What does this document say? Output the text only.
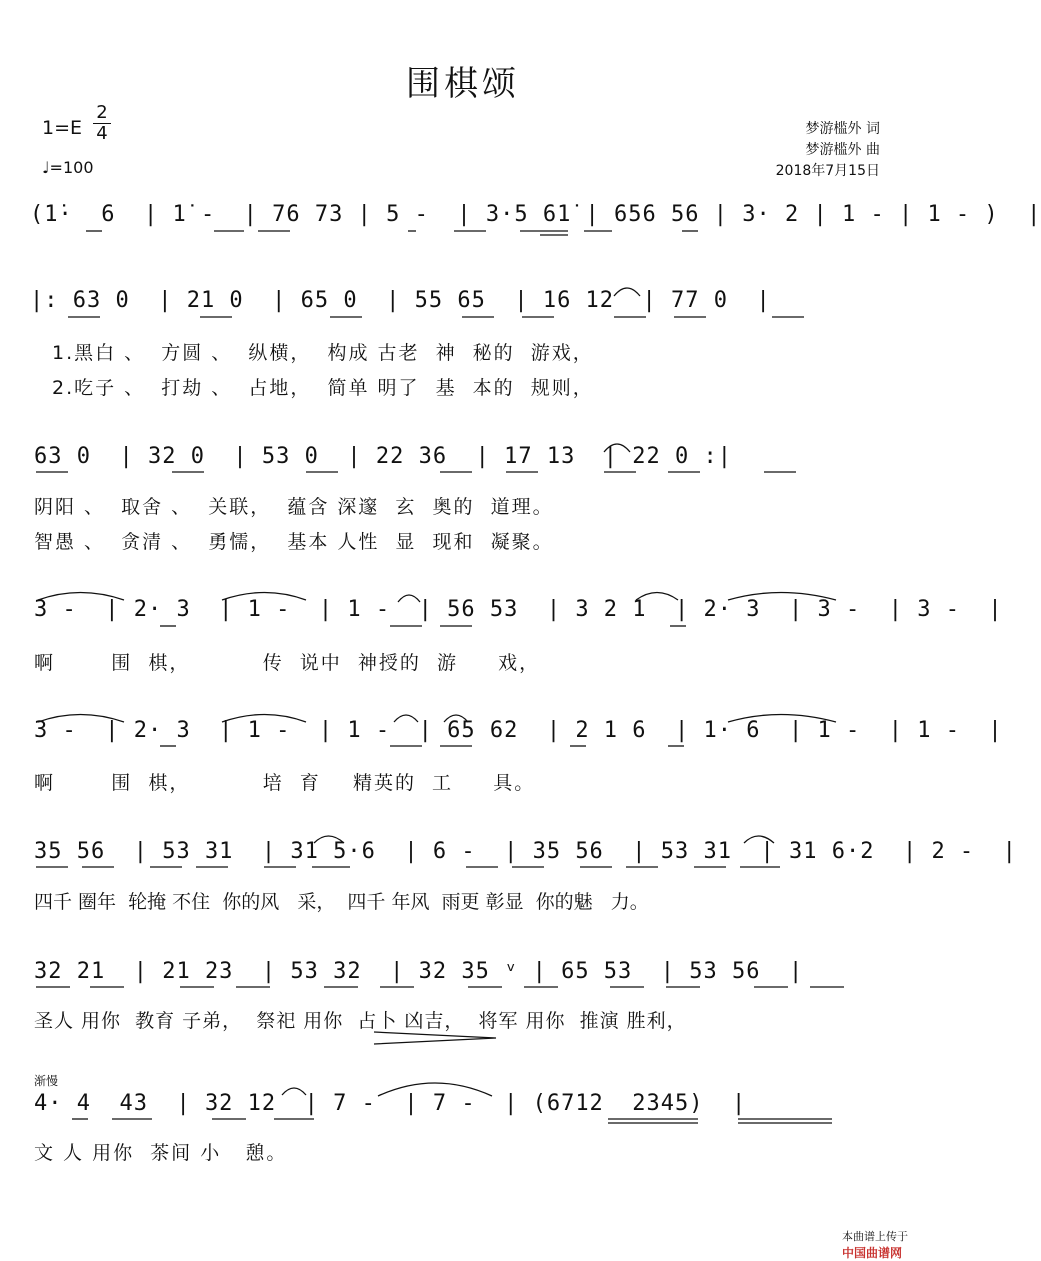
围棋颂
$1=E \frac{2}{4}$
♩=100
梦游槛外 词
梦游槛外 曲
2018年7月15日
(1̇·  6  | 1̇ -  | 76 73 | 5 -  | 3·5 61̇ | 656 56 | 3· 2 | 1 - | 1 - )  |
|: 63 0  | 21 0  | 65 0  | 55 65  | 16 12  | 77 0  |
1.黑白 、  方圆 、  纵横，  构成 古老  神  秘的  游戏，
2.吃子 、  打劫 、  占地，  简单 明了  基  本的  规则，
63 0  | 32 0  | 53 0  | 22 36  | 17 13  | 22 0 :|
阴阳 、  取舍 、  关联，  蕴含 深邃  玄  奥的  道理。
智愚 、  贪清 、  勇懦，  基本 人性  显  现和  凝聚。
3 -  | 2· 3  | 1 -  | 1 -  | 56 53  | 3 2 1  | 2· 3  | 3 -  | 3 -  |
啊       围  棋，         传  说中  神授的  游     戏，
3 -  | 2· 3  | 1 -  | 1 -  | 65 62  | 2 1 6  | 1· 6  | 1 -  | 1 -  |
啊       围  棋，         培  育    精英的  工     具。
35 56  | 53 31  | 31 5·6  | 6 -  | 35 56  | 53 31  | 31 6·2  | 2 -  |
四千 圈年  轮掩 不住  你的风   采，  四千 年风  雨更 彰显  你的魅   力。
32 21  | 21 23  | 53 32  | 32 35 ᵛ | 65 53  | 53 56  |
圣人 用你  教育 子弟，  祭祀 用你  占卜 凶吉，  将军 用你  推演 胜利，
渐慢
4· 4  43  | 32 12  | 7 -  | 7 -  | (6712  2345)  |
文 人 用你  茶间 小   憩。

本曲谱上传于
中国曲谱网
